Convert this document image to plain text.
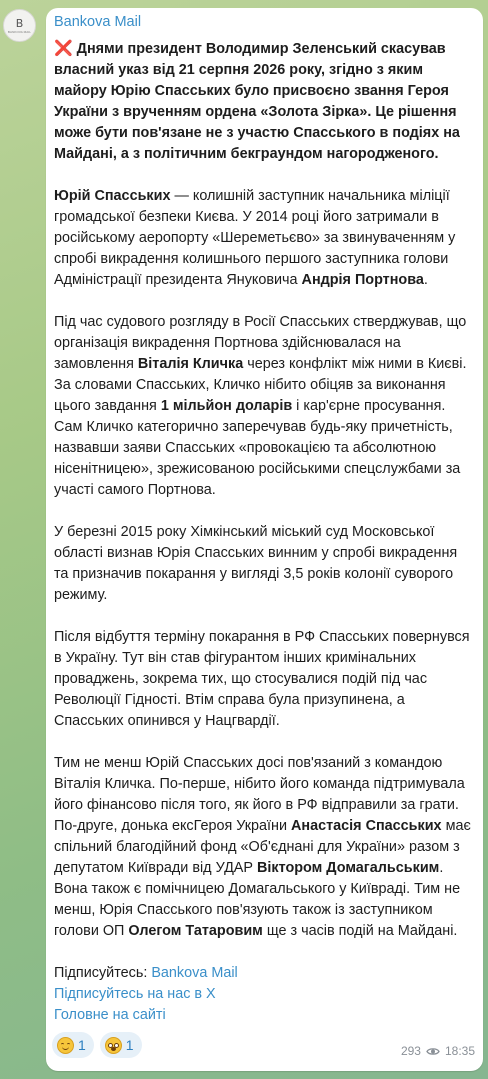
B
BANKOVA MAIL
Bankova Mail

❌ Днями президент Володимир Зеленський скасував власний указ від 21 серпня 2026 року, згідно з яким майору Юрію Спасських було присвоєно звання Героя України з врученням ордена «Золота Зірка». Це рішення може бути пов'язане не з участю Спасського в подіях на Майдані, а з політичним бекграундом нагородженого.

Юрій Спасських — колишній заступник начальника міліції громадської безпеки Києва. У 2014 році його затримали в російському аеропорту «Шереметьєво» за звинуваченням у спробі викрадення колишнього першого заступника голови Адміністрації президента Януковича Андрія Портнова.

Під час судового розгляду в Росії Спасських стверджував, що організація викрадення Портнова здійснювалася на замовлення Віталія Кличка через конфлікт між ними в Києві. За словами Спасських, Кличко нібито обіцяв за виконання цього завдання 1 мільйон доларів і кар'єрне просування. Сам Кличко категорично заперечував будь-яку причетність, назвавши заяви Спасських «провокацією та абсолютною нісенітницею», зрежисованою російськими спецслужбами за участі самого Портнова.

У березні 2015 року Хімкінський міський суд Московської області визнав Юрія Спасських винним у спробі викрадення та призначив покарання у вигляді 3,5 років колонії суворого режиму.

Після відбуття терміну покарання в РФ Спасських повернувся в Україну. Тут він став фігурантом інших кримінальних проваджень, зокрема тих, що стосувалися подій під час Революції Гідності. Втім справа була призупинена, а Спасських опинився у Нацгвардії.

Тим не менш Юрій Спасських досі пов'язаний з командою Віталія Кличка. По-перше, нібито його команда підтримувала його фінансово після того, як його в РФ відправили за грати. По-друге, донька ексГероя України Анастасія Спасських має спільний благодійний фонд «Об'єднані для України» разом з депутатом Київради від УДАР Віктором Домагальським. Вона також є помічницею Домагальського у Київраді. Тим не менш, Юрія Спасського пов'язують також із заступником голови ОП Олегом Татаровим ще з часів подій на Майдані.

Підписуйтесь: Bankova Mail
Підписуйтесь на нас в X
Головне на сайті

1	1	293 18:35
